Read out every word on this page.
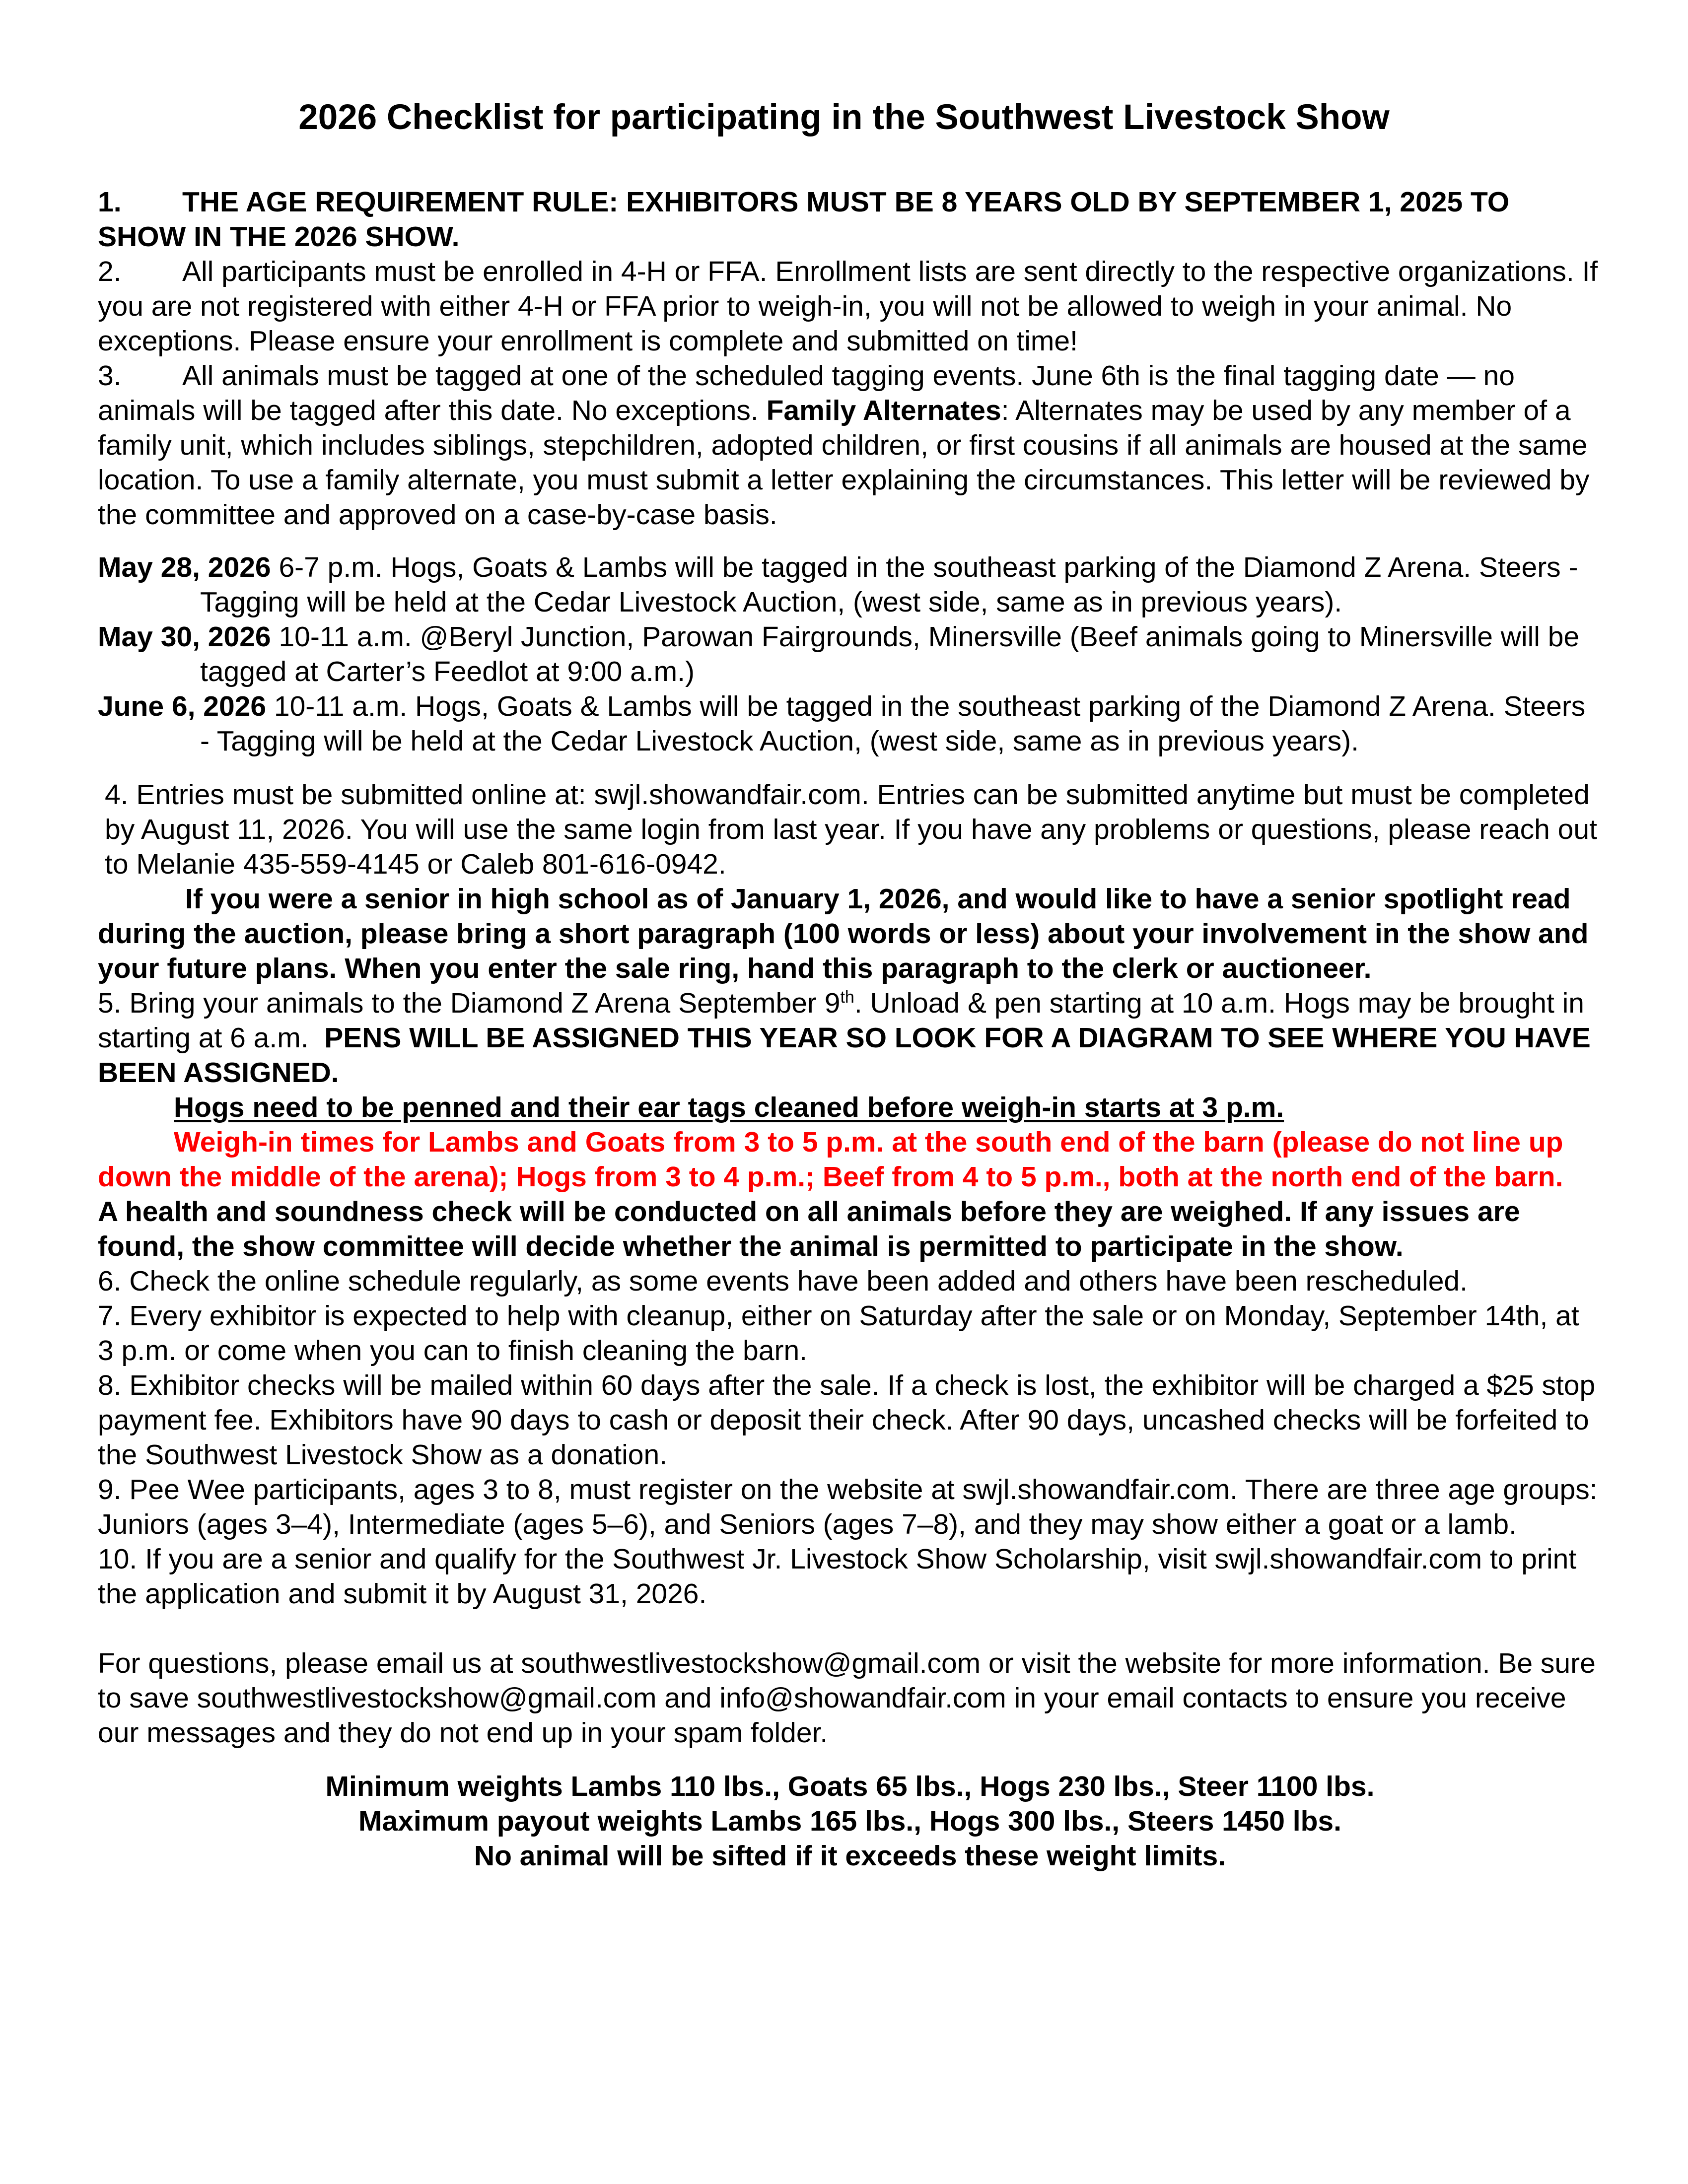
2026 Checklist for participating in the Southwest Livestock Show

1. THE AGE REQUIREMENT RULE: EXHIBITORS MUST BE 8 YEARS OLD BY SEPTEMBER 1, 2025 TO SHOW IN THE 2026 SHOW.

2. All participants must be enrolled in 4-H or FFA. Enrollment lists are sent directly to the respective organizations. If you are not registered with either 4-H or FFA prior to weigh-in, you will not be allowed to weigh in your animal. No exceptions. Please ensure your enrollment is complete and submitted on time!

3. All animals must be tagged at one of the scheduled tagging events. June 6th is the final tagging date — no animals will be tagged after this date. No exceptions. Family Alternates: Alternates may be used by any member of a family unit, which includes siblings, stepchildren, adopted children, or first cousins if all animals are housed at the same location. To use a family alternate, you must submit a letter explaining the circumstances. This letter will be reviewed by the committee and approved on a case-by-case basis.

May 28, 2026 6-7 p.m. Hogs, Goats & Lambs will be tagged in the southeast parking of the Diamond Z Arena. Steers - Tagging will be held at the Cedar Livestock Auction, (west side, same as in previous years).

May 30, 2026 10-11 a.m. @Beryl Junction, Parowan Fairgrounds, Minersville (Beef animals going to Minersville will be tagged at Carter’s Feedlot at 9:00 a.m.)

June 6, 2026 10-11 a.m. Hogs, Goats & Lambs will be tagged in the southeast parking of the Diamond Z Arena. Steers - Tagging will be held at the Cedar Livestock Auction, (west side, same as in previous years).

4. Entries must be submitted online at: swjl.showandfair.com. Entries can be submitted anytime but must be completed by August 11, 2026. You will use the same login from last year. If you have any problems or questions, please reach out to Melanie 435-559-4145 or Caleb 801-616-0942.

If you were a senior in high school as of January 1, 2026, and would like to have a senior spotlight read during the auction, please bring a short paragraph (100 words or less) about your involvement in the show and your future plans. When you enter the sale ring, hand this paragraph to the clerk or auctioneer.

5. Bring your animals to the Diamond Z Arena September 9th. Unload & pen starting at 10 a.m. Hogs may be brought in starting at 6 a.m. PENS WILL BE ASSIGNED THIS YEAR SO LOOK FOR A DIAGRAM TO SEE WHERE YOU HAVE BEEN ASSIGNED.

Hogs need to be penned and their ear tags cleaned before weigh-in starts at 3 p.m.

Weigh-in times for Lambs and Goats from 3 to 5 p.m. at the south end of the barn (please do not line up down the middle of the arena); Hogs from 3 to 4 p.m.; Beef from 4 to 5 p.m., both at the north end of the barn.

A health and soundness check will be conducted on all animals before they are weighed. If any issues are found, the show committee will decide whether the animal is permitted to participate in the show.

6. Check the online schedule regularly, as some events have been added and others have been rescheduled.

7. Every exhibitor is expected to help with cleanup, either on Saturday after the sale or on Monday, September 14th, at 3 p.m. or come when you can to finish cleaning the barn.

8. Exhibitor checks will be mailed within 60 days after the sale. If a check is lost, the exhibitor will be charged a $25 stop payment fee. Exhibitors have 90 days to cash or deposit their check. After 90 days, uncashed checks will be forfeited to the Southwest Livestock Show as a donation.

9. Pee Wee participants, ages 3 to 8, must register on the website at swjl.showandfair.com. There are three age groups: Juniors (ages 3–4), Intermediate (ages 5–6), and Seniors (ages 7–8), and they may show either a goat or a lamb.

10. If you are a senior and qualify for the Southwest Jr. Livestock Show Scholarship, visit swjl.showandfair.com to print the application and submit it by August 31, 2026.

For questions, please email us at southwestlivestockshow@gmail.com or visit the website for more information. Be sure to save southwestlivestockshow@gmail.com and info@showandfair.com in your email contacts to ensure you receive our messages and they do not end up in your spam folder.

Minimum weights Lambs 110 lbs., Goats 65 lbs., Hogs 230 lbs., Steer 1100 lbs.

Maximum payout weights Lambs 165 lbs., Hogs 300 lbs., Steers 1450 lbs.

No animal will be sifted if it exceeds these weight limits.
